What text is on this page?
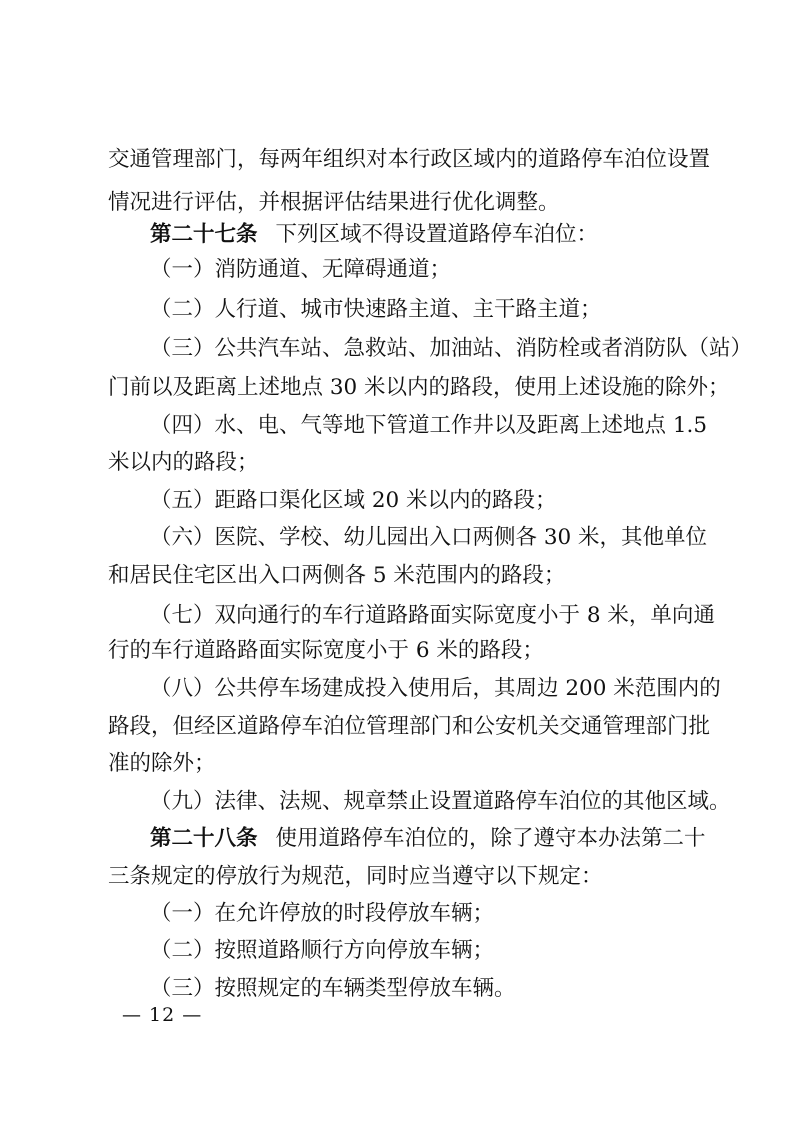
交通管理部门，每两年组织对本行政区域内的道路停车泊位设置
情况进行评估，并根据评估结果进行优化调整。
第二十七条 下列区域不得设置道路停车泊位：
（一）消防通道、无障碍通道；
（二）人行道、城市快速路主道、主干路主道；
（三）公共汽车站、急救站、加油站、消防栓或者消防队（站）
门前以及距离上述地点 30 米以内的路段，使用上述设施的除外；
（四）水、电、气等地下管道工作井以及距离上述地点 1.5
米以内的路段；
（五）距路口渠化区域 20 米以内的路段；
（六）医院、学校、幼儿园出入口两侧各 30 米，其他单位
和居民住宅区出入口两侧各 5 米范围内的路段；
（七）双向通行的车行道路路面实际宽度小于 8 米，单向通
行的车行道路路面实际宽度小于 6 米的路段；
（八）公共停车场建成投入使用后，其周边 200 米范围内的
路段，但经区道路停车泊位管理部门和公安机关交通管理部门批
准的除外；
（九）法律、法规、规章禁止设置道路停车泊位的其他区域。
第二十八条 使用道路停车泊位的，除了遵守本办法第二十
三条规定的停放行为规范，同时应当遵守以下规定：
（一）在允许停放的时段停放车辆；
（二）按照道路顺行方向停放车辆；
（三）按照规定的车辆类型停放车辆。
— 12 —
